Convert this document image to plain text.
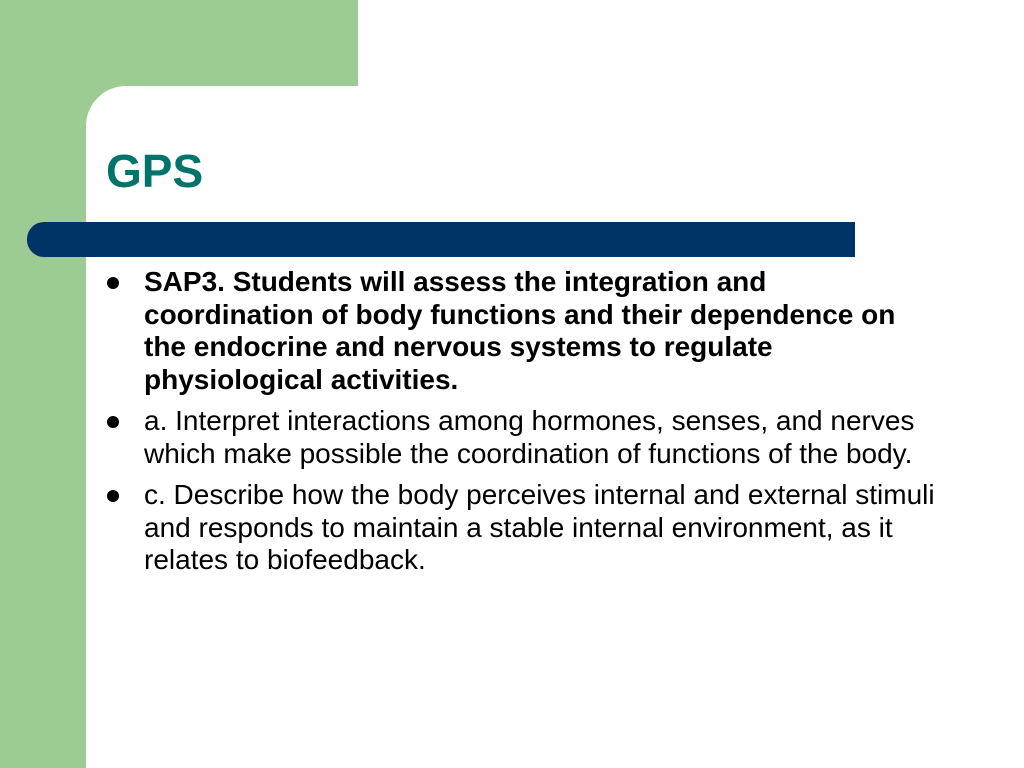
GPS
SAP3. Students will assess the integration and coordination of body functions and their dependence on the endocrine and nervous systems to regulate physiological activities.
a. Interpret interactions among hormones, senses, and nerves which make possible the coordination of functions of the body.
c. Describe how the body perceives internal and external stimuli and responds to maintain a stable internal environment, as it relates to biofeedback.
